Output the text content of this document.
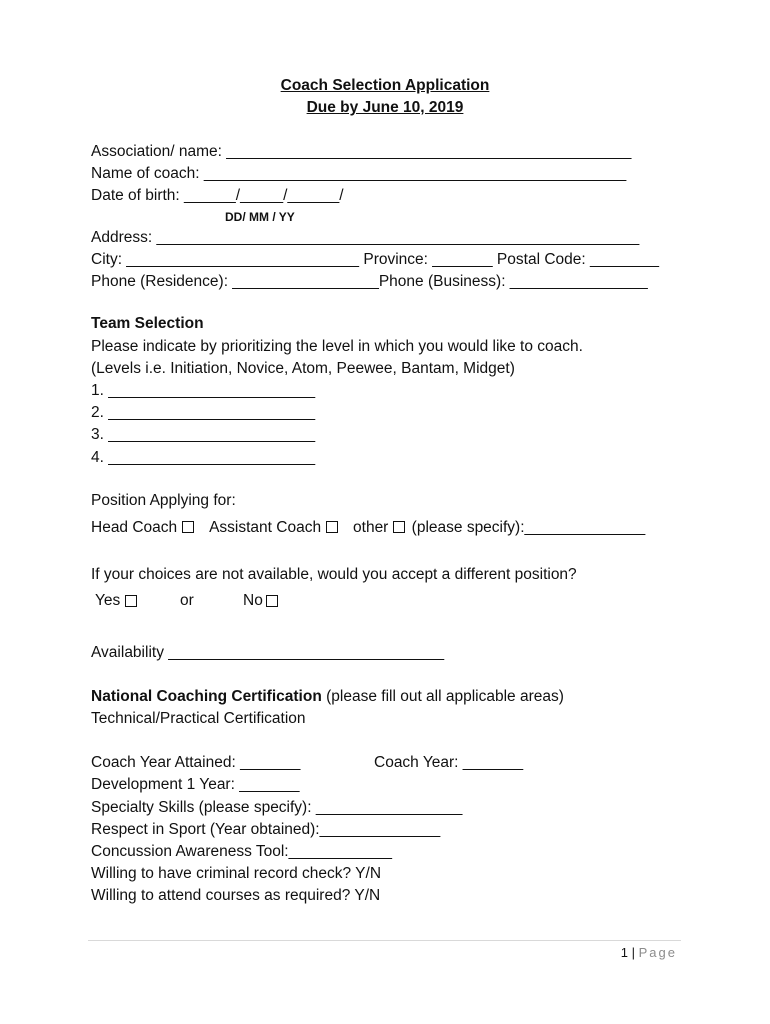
Coach Selection Application
Due by June 10, 2019
Association/ name: _______________________________________________
Name of coach: _________________________________________________
Date of birth: ______/_____/______/
DD/ MM / YY
Address: ________________________________________________________
City: ___________________________ Province: _______ Postal Code: ________
Phone (Residence): _________________Phone (Business): ________________
Team Selection
Please indicate by prioritizing the level in which you would like to coach.
(Levels i.e. Initiation, Novice, Atom, Peewee, Bantam, Midget)
1. ________________________
2. ________________________
3. ________________________
4. ________________________
Position Applying for:
Head Coach Assistant Coach other (please specify):______________
If your choices are not available, would you accept a different position?
Yes	or	No
Availability ________________________________
National Coaching Certification (please fill out all applicable areas)
Technical/Practical Certification
Coach Year Attained: _______	Coach Year: _______
Development 1 Year: _______
Specialty Skills (please specify): _________________
Respect in Sport (Year obtained):______________
Concussion Awareness Tool:____________
Willing to have criminal record check? Y/N
Willing to attend courses as required? Y/N
1 | Page
